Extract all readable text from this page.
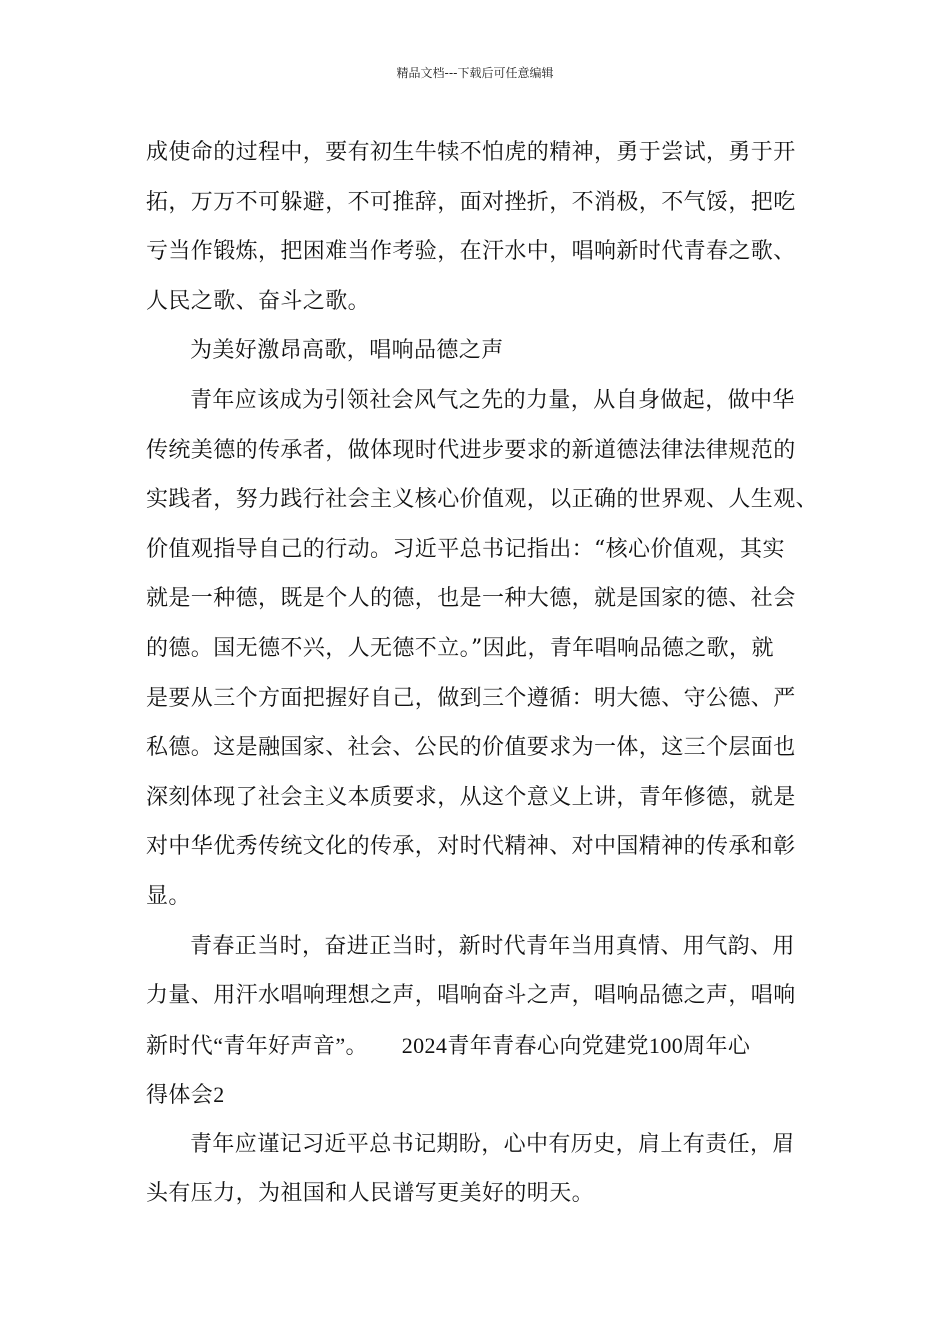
精品文档---下载后可任意编辑
成使命的过程中，要有初生牛犊不怕虎的精神，勇于尝试，勇于开
拓，万万不可躲避，不可推辞，面对挫折，不消极，不气馁，把吃
亏当作锻炼，把困难当作考验，在汗水中，唱响新时代青春之歌、
人民之歌、奋斗之歌。
为美好激昂高歌，唱响品德之声
青年应该成为引领社会风气之先的力量，从自身做起，做中华
传统美德的传承者，做体现时代进步要求的新道德法律法律规范的
实践者，努力践行社会主义核心价值观，以正确的世界观、人生观、
价值观指导自己的行动。习近平总书记指出：“核心价值观，其实
就是一种德，既是个人的德，也是一种大德，就是国家的德、社会
的德。国无德不兴，人无德不立。”因此，青年唱响品德之歌，就
是要从三个方面把握好自己，做到三个遵循：明大德、守公德、严
私德。这是融国家、社会、公民的价值要求为一体，这三个层面也
深刻体现了社会主义本质要求，从这个意义上讲，青年修德，就是
对中华优秀传统文化的传承，对时代精神、对中国精神的传承和彰
显。
青春正当时，奋进正当时，新时代青年当用真情、用气韵、用
力量、用汗水唱响理想之声，唱响奋斗之声，唱响品德之声，唱响
新时代“青年好声音”。　　2024青年青春心向党建党100周年心
得体会2
青年应谨记习近平总书记期盼，心中有历史，肩上有责任，眉
头有压力，为祖国和人民谱写更美好的明天。
